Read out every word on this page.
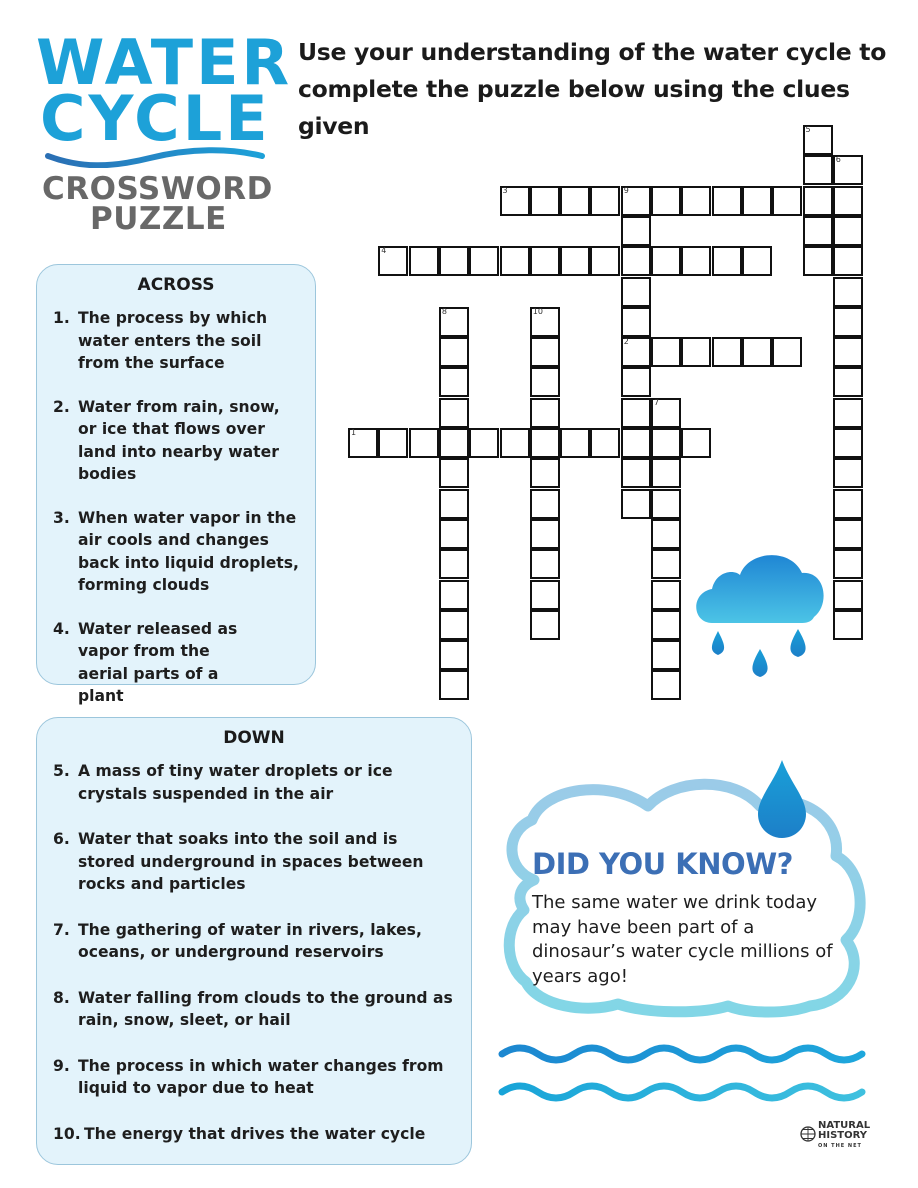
WATER
CYCLE
CROSSWORD
PUZZLE
Use your understanding of the water cycle to complete the puzzle below using the clues given
ACROSS
1. The process by which water enters the soil from the surface
2. Water from rain, snow, or ice that flows over land into nearby water bodies
3. When water vapor in the air cools and changes back into liquid droplets, forming clouds
4. Water released as vapor from the aerial parts of a plant
DOWN
5. A mass of tiny water droplets or ice crystals suspended in the air
6. Water that soaks into the soil and is stored underground in spaces between rocks and particles
7. The gathering of water in rivers, lakes, oceans, or underground reservoirs
8. Water falling from clouds to the ground as rain, snow, sleet, or hail
9. The process in which water changes from liquid to vapor due to heat
10. The energy that drives the water cycle
1
2
3	9
4
5
6
7
8	10
DID YOU KNOW?
The same water we drink today may have been part of a dinosaur’s water cycle millions of years ago!
NATURAL
HISTORY
ON THE NET
